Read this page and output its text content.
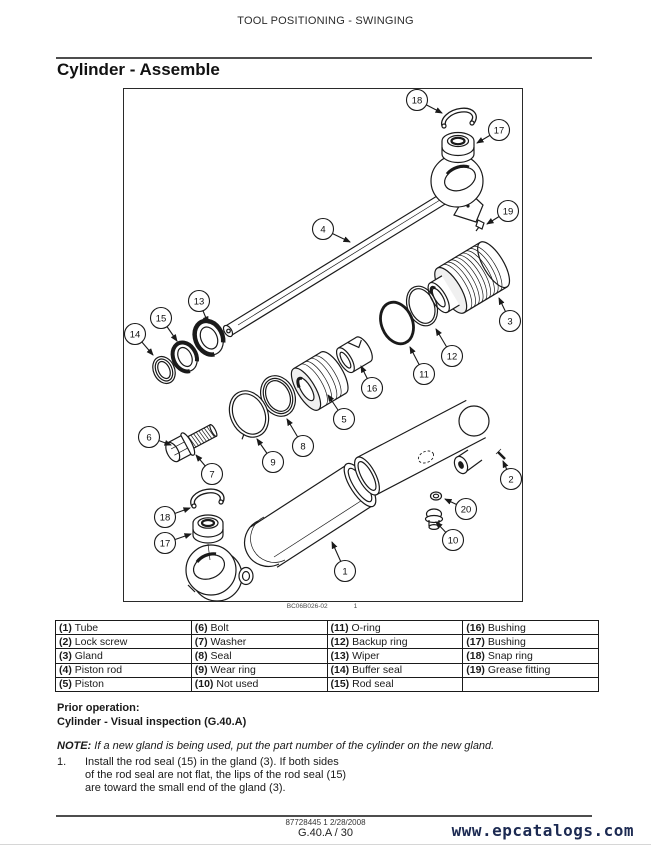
TOOL POSITIONING - SWINGING
Cylinder - Assemble
18
17
19
4
3
12
11
13
15
14
16
5
8
9
6
7
18
17
1
2
20
10
BC06B026-02	1
(1) Tube	(6) Bolt	(11) O-ring	(16) Bushing
(2) Lock screw	(7) Washer	(12) Backup ring	(17) Bushing
(3) Gland	(8) Seal	(13) Wiper	(18) Snap ring
(4) Piston rod	(9) Wear ring	(14) Buffer seal	(19) Grease fitting
(5) Piston	(10) Not used	(15) Rod seal	
Prior operation:
Cylinder - Visual inspection (G.40.A)
NOTE: If a new gland is being used, put the part number of the cylinder on the new gland.
1. Install the rod seal (15) in the gland (3). If both sides
of the rod seal are not flat, the lips of the rod seal (15)
are toward the small end of the gland (3).
87728445 1 2/28/2008
G.40.A / 30	www.epcatalogs.com
